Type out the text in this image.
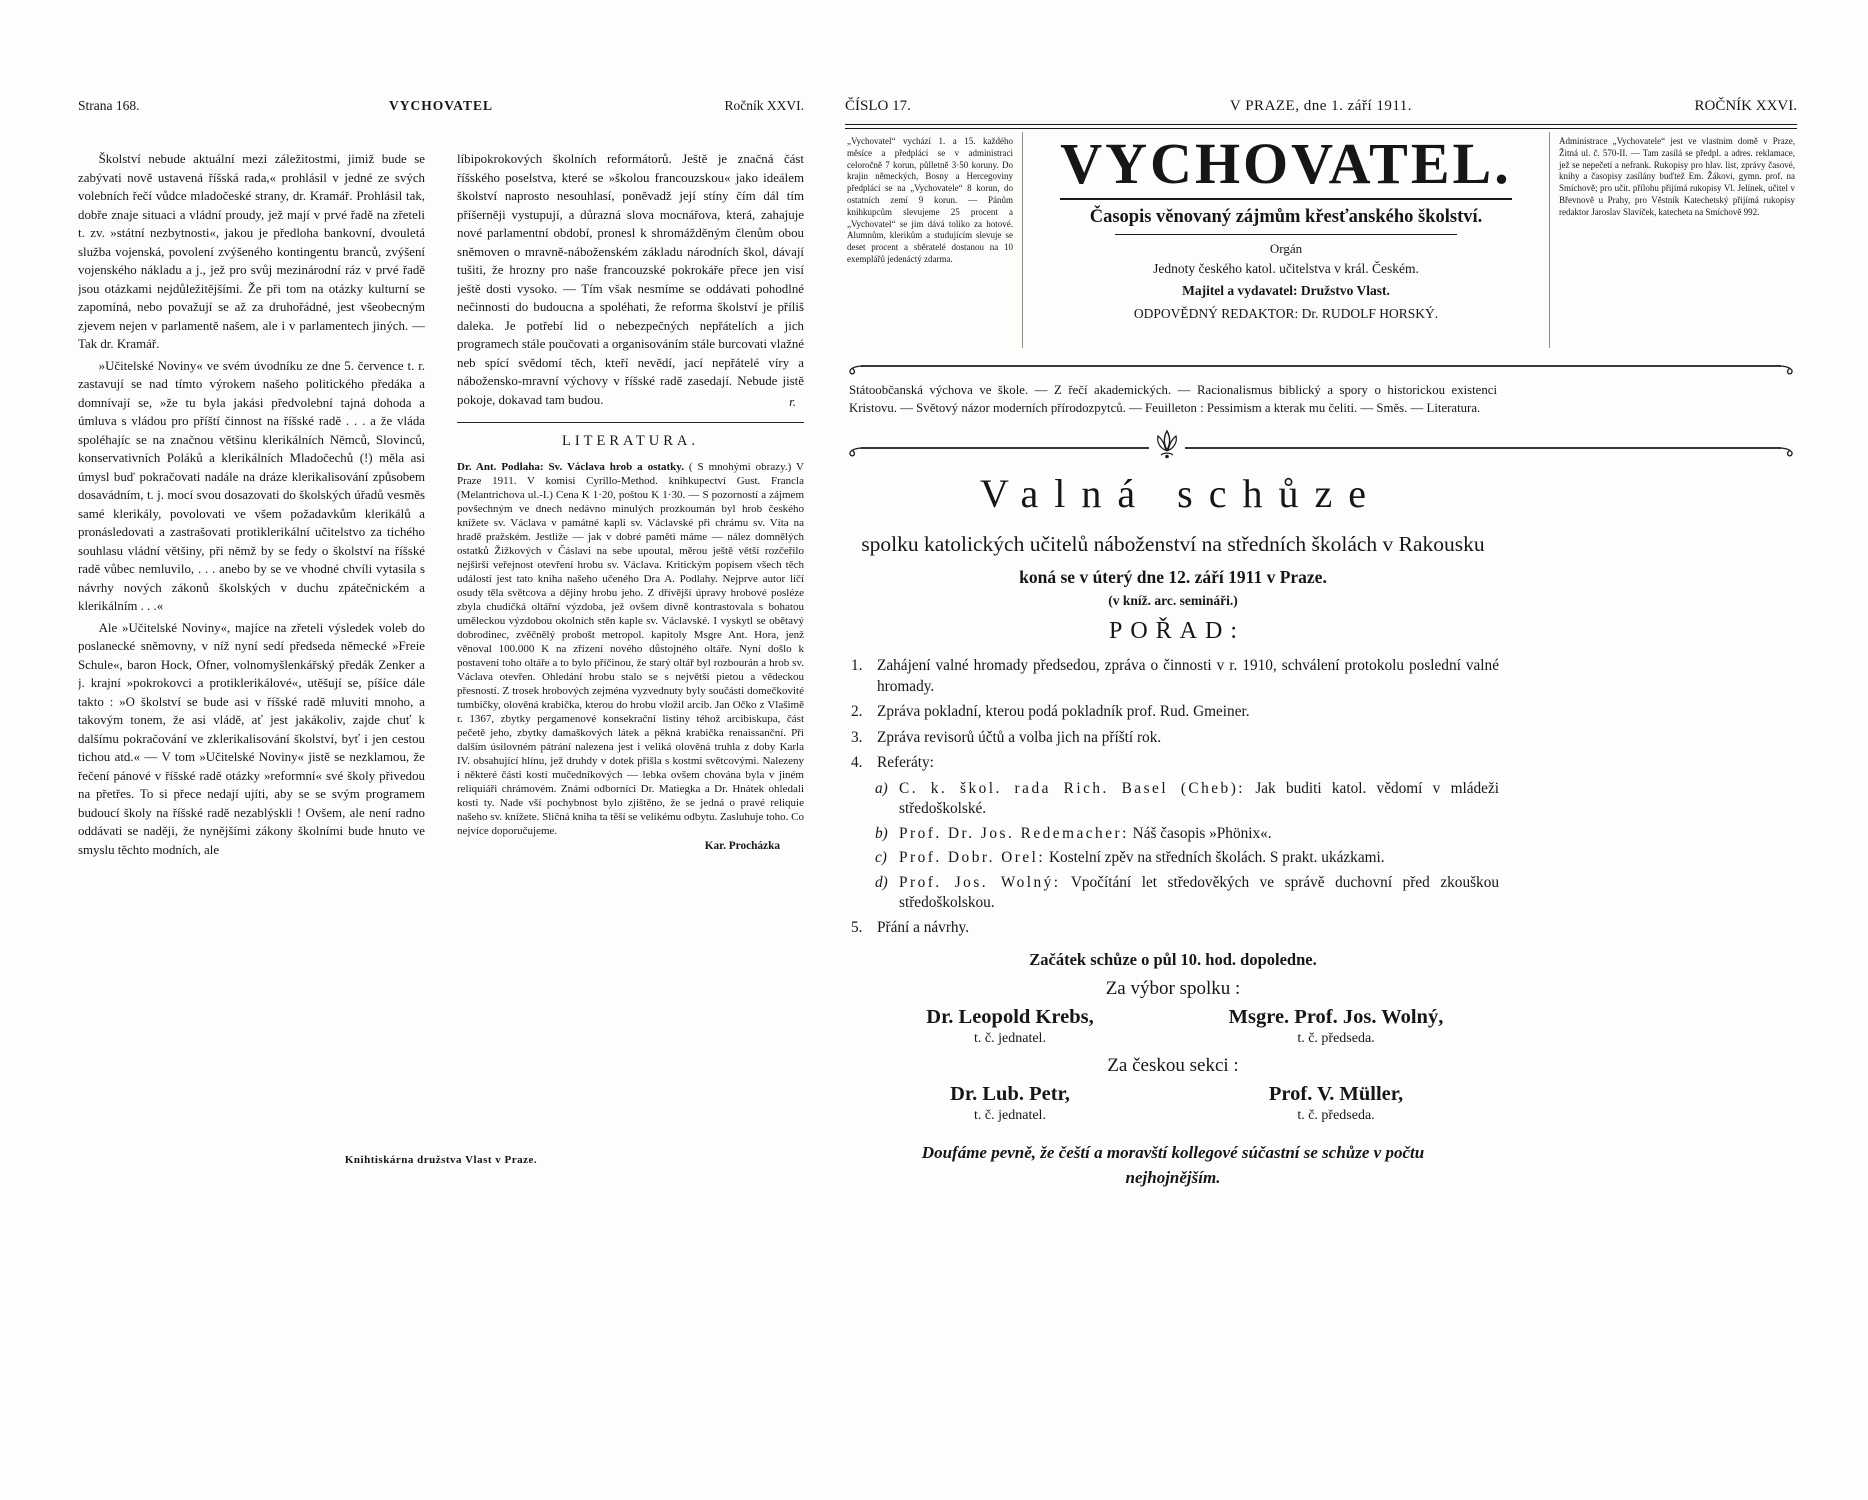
Strana 168.	VYCHOVATEL	Ročník XXVI.

Školství nebude aktuální mezi záležitostmi, jimiž bude se zabývati nově ustavená říšská rada,« prohlásil v jedné ze svých volebních řečí vůdce mladočeské strany, dr. Kramář. Prohlásil tak, dobře znaje situaci a vládní proudy, jež mají v prvé řadě na zřeteli t. zv. »státní nezbytnosti«, jakou je předloha bankovní, dvouletá služba vojenská, povolení zvýšeného kontingentu branců, zvýšení vojenského nákladu a j., jež pro svůj mezinárodní ráz v prvé řadě jsou otázkami nejdůležitějšími. Že při tom na otázky kulturní se zapomíná, nebo považují se až za druhořádné, jest všeobecným zjevem nejen v parlamentě našem, ale i v parlamentech jiných. — Tak dr. Kramář.

»Učitelské Noviny« ve svém úvodníku ze dne 5. července t. r. zastavují se nad tímto výrokem našeho politického předáka a domnívají se, »že tu byla jakási předvolební tajná dohoda a úmluva s vládou pro příští činnost na říšské radě . . . a že vláda spoléhajíc se na značnou většinu klerikálních Němců, Slovinců, konservativních Poláků a klerikálních Mladočechů (!) měla asi úmysl buď pokračovati nadále na dráze klerikalisování způsobem dosavádním, t. j. mocí svou dosazovati do školských úřadů vesměs samé klerikály, povolovati ve všem požadavkům klerikálů a pronásledovati a zastrašovati protiklerikální učitelstvo za tichého souhlasu vládní většiny, při němž by se fedy o školství na říšské radě vůbec nemluvilo, . . . anebo by se ve vhodné chvíli vytasila s návrhy nových zákonů školských v duchu zpátečnickém a klerikálním . . .«

Ale »Učitelské Noviny«, majíce na zřeteli výsledek voleb do poslanecké sněmovny, v níž nyní sedí předseda německé »Freie Schule«, baron Hock, Ofner, volnomyšlenkářský předák Zenker a j. krajní »pokrokovci a protiklerikálové«, utěšují se, píšíce dále takto : »O školství se bude asi v říšské radě mluviti mnoho, a takovým tonem, že asi vládě, ať jest jakákoliv, zajde chuť k dalšímu pokračování ve zklerikalisování školství, byť i jen cestou tichou atd.« — V tom »Učitelské Noviny« jistě se nezklamou, že řečení pánové v říšské radě otázky »reformní« své školy přivedou na přetřes. To si přece nedají ujíti, aby se se svým programem budoucí školy na říšské radě nezablýskli ! Ovšem, ale není radno oddávati se naději, že nynějšími zákony školními bude hnuto ve smyslu těchto modních, ale

líbipokrokových školních reformátorů. Ještě je značná část říšského poselstva, které se »školou francouzskou« jako ideálem školství naprosto nesouhlasí, poněvadž její stíny čím dál tím příšerněji vystupují, a důrazná slova mocnářova, která, zahajuje nové parlamentní období, pronesl k shromážděným členům obou sněmoven o mravně-náboženském základu národních škol, dávají tušiti, že hrozny pro naše francouzské pokrokáře přece jen visí ještě dosti vysoko. — Tím však nesmíme se oddávati pohodlné nečinnosti do budoucna a spoléhati, že reforma školství je příliš daleka. Je potřebí lid o nebezpečných nepřátelích a jich programech stále poučovati a organisováním stále burcovati vlažné neb spící svědomí těch, kteří nevědí, jací nepřátelé víry a nábožensko-mravní výchovy v říšské radě zasedají. Nebude jistě pokoje, dokavad tam budou.	r.
LITERATURA.

Dr. Ant. Podlaha: Sv. Václava hrob a ostatky. ( S mnohými obrazy.) V Praze 1911. V komisi Cyrillo-Method. knihkupectví Gust. Francla (Melantrichova ul.-I.) Cena K 1·20, poštou K 1·30. — S pozorností a zájmem povšechným ve dnech nedávno minulých prozkoumán byl hrob českého knížete sv. Václava v památné kapli sv. Václavské při chrámu sv. Víta na hradě pražském. Jestliže — jak v dobré paměti máme — nález domnělých ostatků Žižkových v Čáslavi na sebe upoutal, měrou ještě větší rozčeřilo nejširší veřejnost otevření hrobu sv. Václava. Kritickým popisem všech těch událostí jest tato kniha našeho učeného Dra A. Podlahy. Nejprve autor líčí osudy těla světcova a dějiny hrobu jeho. Z dřívější úpravy hrobové posléze zbyla chudičká oltářní výzdoba, jež ovšem divně kontrastovala s bohatou uměleckou výzdobou okolních stěn kaple sv. Václavské. I vyskytl se obětavý dobrodinec, zvěčnělý probošt metropol. kapitoly Msgre Ant. Hora, jenž věnoval 100.000 K na zřízení nového důstojného oltáře. Nyní došlo k postavení toho oltáře a to bylo příčinou, že starý oltář byl rozbourán a hrob sv. Václava otevřen. Ohledání hrobu stalo se s největší pietou a vědeckou přesností. Z trosek hrobových zejména vyzvednuty byly součásti domečkovité tumbičky, olověná krabička, kterou do hrobu vložil arcib. Jan Očko z Vlašimě r. 1367, zbytky pergamenové konsekrační listiny téhož arcibiskupa, část pečetě jeho, zbytky damaškových látek a pěkná krabička renaissanční. Při dalším úsilovném pátrání nalezena jest i veliká olověná truhla z doby Karla IV. obsahující hlínu, jež druhdy v dotek přišla s kostmi světcovými. Nalezeny i některé části kostí mučedníkových — lebka ovšem chována byla v jiném reliquiáři chrámovém. Známí odborníci Dr. Matiegka a Dr. Hnátek ohledali kosti ty. Nade vší pochybnost bylo zjištěno, že se jedná o pravé reliquie našeho sv. knížete. Sličná kniha ta těší se velikému odbytu. Zasluhuje toho. Co nejvíce doporučujeme.

Kar. Procházka
Knihtiskárna družstva Vlast v Praze.
ČÍSLO 17.	V PRAZE, dne 1. září 1911.	ROČNÍK XXVI.
„Vychovatel“ vychází 1. a 15. každého měsíce a předplácí se v administraci celoročně 7 korun, půlletně 3·50 koruny. Do krajin německých, Bosny a Hercegoviny předplácí se na „Vychovatele“ 8 korun, do ostatních zemí 9 korun. — Pánům knihkupcům slevujeme 25 procent a „Vychovatel“ se jim dává toliko za hotové. Alumnům, klerikům a studujícím slevuje se deset procent a sběratelé dostanou na 10 exemplářů jedenáctý zdarma.
VYCHOVATEL.
Časopis věnovaný zájmům křesťanského školství.
Orgán
Jednoty českého katol. učitelstva v král. Českém.
Majitel a vydavatel: Družstvo Vlast.
ODPOVĚDNÝ REDAKTOR: Dr. RUDOLF HORSKÝ.
Administrace „Vychovatele“ jest ve vlastním domě v Praze, Žitná ul. č. 570-II. — Tam zasílá se předpl. a adres. reklamace, jež se nepečetí a nefrank. Rukopisy pro hlav. list, zprávy časové, knihy a časopisy zasílány buďtež Em. Žákovi, gymn. prof. na Smíchově; pro učit. přílohu přijímá rukopisy Vl. Jelínek, učitel v Břevnově u Prahy, pro Věstník Katechetský přijímá rukopisy redaktor Jaroslav Slavíček, katecheta na Smíchově 992.

Státoobčanská výchova ve škole. — Z řečí akademických. — Racionalismus biblický a spory o historickou existenci Kristovu. — Světový názor moderních přírodozpytců. — Feuilleton : Pessimism a kterak mu čeliti. — Směs. — Literatura.

Valná schůze
spolku katolických učitelů náboženství na středních školách v Rakousku
koná se v úterý dne 12. září 1911 v Praze.
(v kníž. arc. semináři.)
POŘAD:
1. Zahájení valné hromady předsedou, zpráva o činnosti v r. 1910, schválení protokolu poslední valné hromady.
2. Zpráva pokladní, kterou podá pokladník prof. Rud. Gmeiner.
3. Zpráva revisorů účtů a volba jich na příští rok.
4. Referáty:
a) C. k. škol. rada Rich. Basel (Cheb): Jak buditi katol. vědomí v mládeži středoškolské.
b) Prof. Dr. Jos. Redemacher: Náš časopis »Phönix«.
c) Prof. Dobr. Orel: Kostelní zpěv na středních školách. S prakt. ukázkami.
d) Prof. Jos. Wolný: Vpočítání let středověkých ve správě duchovní před zkouškou středoškolskou.
5. Přání a návrhy.
Začátek schůze o půl 10. hod. dopoledne.
Za výbor spolku :
Dr. Leopold Krebs,
t. č. jednatel.
Msgre. Prof. Jos. Wolný,
t. č. předseda.
Za českou sekci :
Dr. Lub. Petr,
t. č. jednatel.
Prof. V. Müller,
t. č. předseda.
Doufáme pevně, že čeští a moravští kollegové súčastní se schůze v počtu nejhojnějším.
